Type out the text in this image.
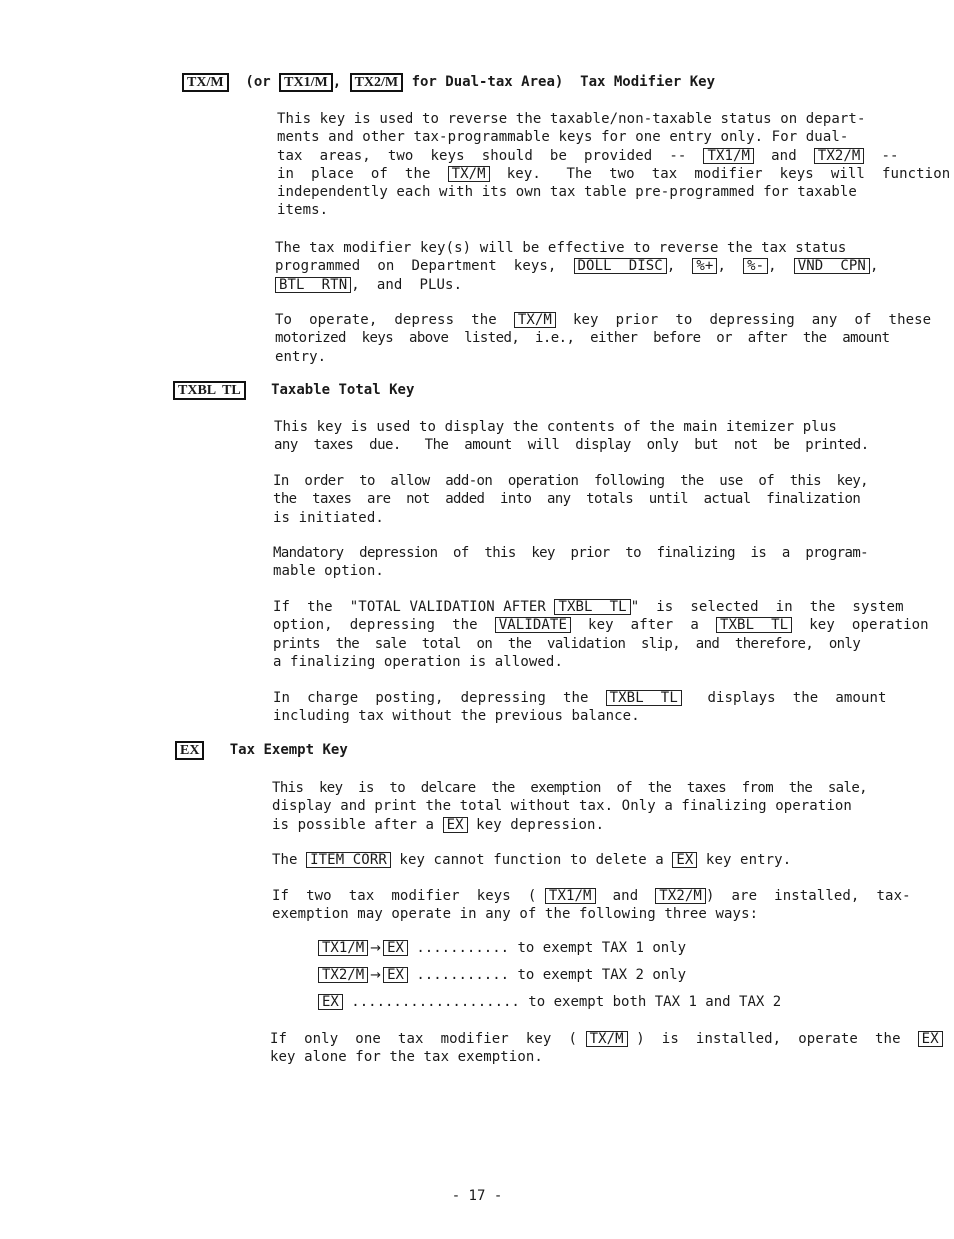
TX/M (or TX1/M , TX2/M for Dual-tax Area) Tax Modifier Key
This key is used to reverse the taxable/non-taxable status on depart-
ments and other tax-programmable keys for one entry only. For dual-
tax  areas,  two  keys  should  be  provided  --  TX1/M  and  TX2/M  --
in  place  of  the  TX/M  key.   The  two  tax  modifier  keys  will  function
independently each with its own tax table pre-programmed for taxable
items.
The tax modifier key(s) will be effective to reverse the tax status
programmed  on  Department  keys,  DOLL  DISC ,  %+ ,  %- ,  VND  CPN ,
BTL  RTN ,  and  PLUs.
To  operate,  depress  the  TX/M  key  prior  to  depressing  any  of  these
motorized  keys  above  listed,  i.e.,  either  before  or  after  the  amount
entry.
TXBL  TL Taxable Total Key
This key is used to display the contents of the main itemizer plus
any  taxes  due.   The  amount  will  display  only  but  not  be  printed.
In  order  to  allow  add-on  operation  following  the  use  of  this  key,
the  taxes  are  not  added  into  any  totals  until  actual  finalization
is initiated.
Mandatory  depression  of  this  key  prior  to  finalizing  is  a  program-
mable option.
If  the  "TOTAL VALIDATION AFTER TXBL  TL "  is  selected  in  the  system
option,  depressing  the  VALIDATE  key  after  a  TXBL  TL  key  operation
prints  the  sale  total  on  the  validation  slip,  and  therefore,  only
a finalizing operation is allowed.
In  charge  posting,  depressing  the  TXBL  TL   displays  the  amount
including tax without the previous balance.
EX Tax Exempt Key
This  key  is  to  delcare  the  exemption  of  the  taxes  from  the  sale,
display and print the total without tax. Only a finalizing operation
is possible after a EX key depression.
The ITEM CORR key cannot function to delete a EX key entry.
If  two  tax  modifier  keys  ( TX1/M  and  TX2/M )  are  installed,  tax-
exemption may operate in any of the following three ways:
TX1/M → EX ........... to exempt TAX 1 only
TX2/M → EX ........... to exempt TAX 2 only
EX .................... to exempt both TAX 1 and TAX 2
If  only  one  tax  modifier  key  ( TX/M )  is  installed,  operate  the  EX
key alone for the tax exemption.
- 17 -
